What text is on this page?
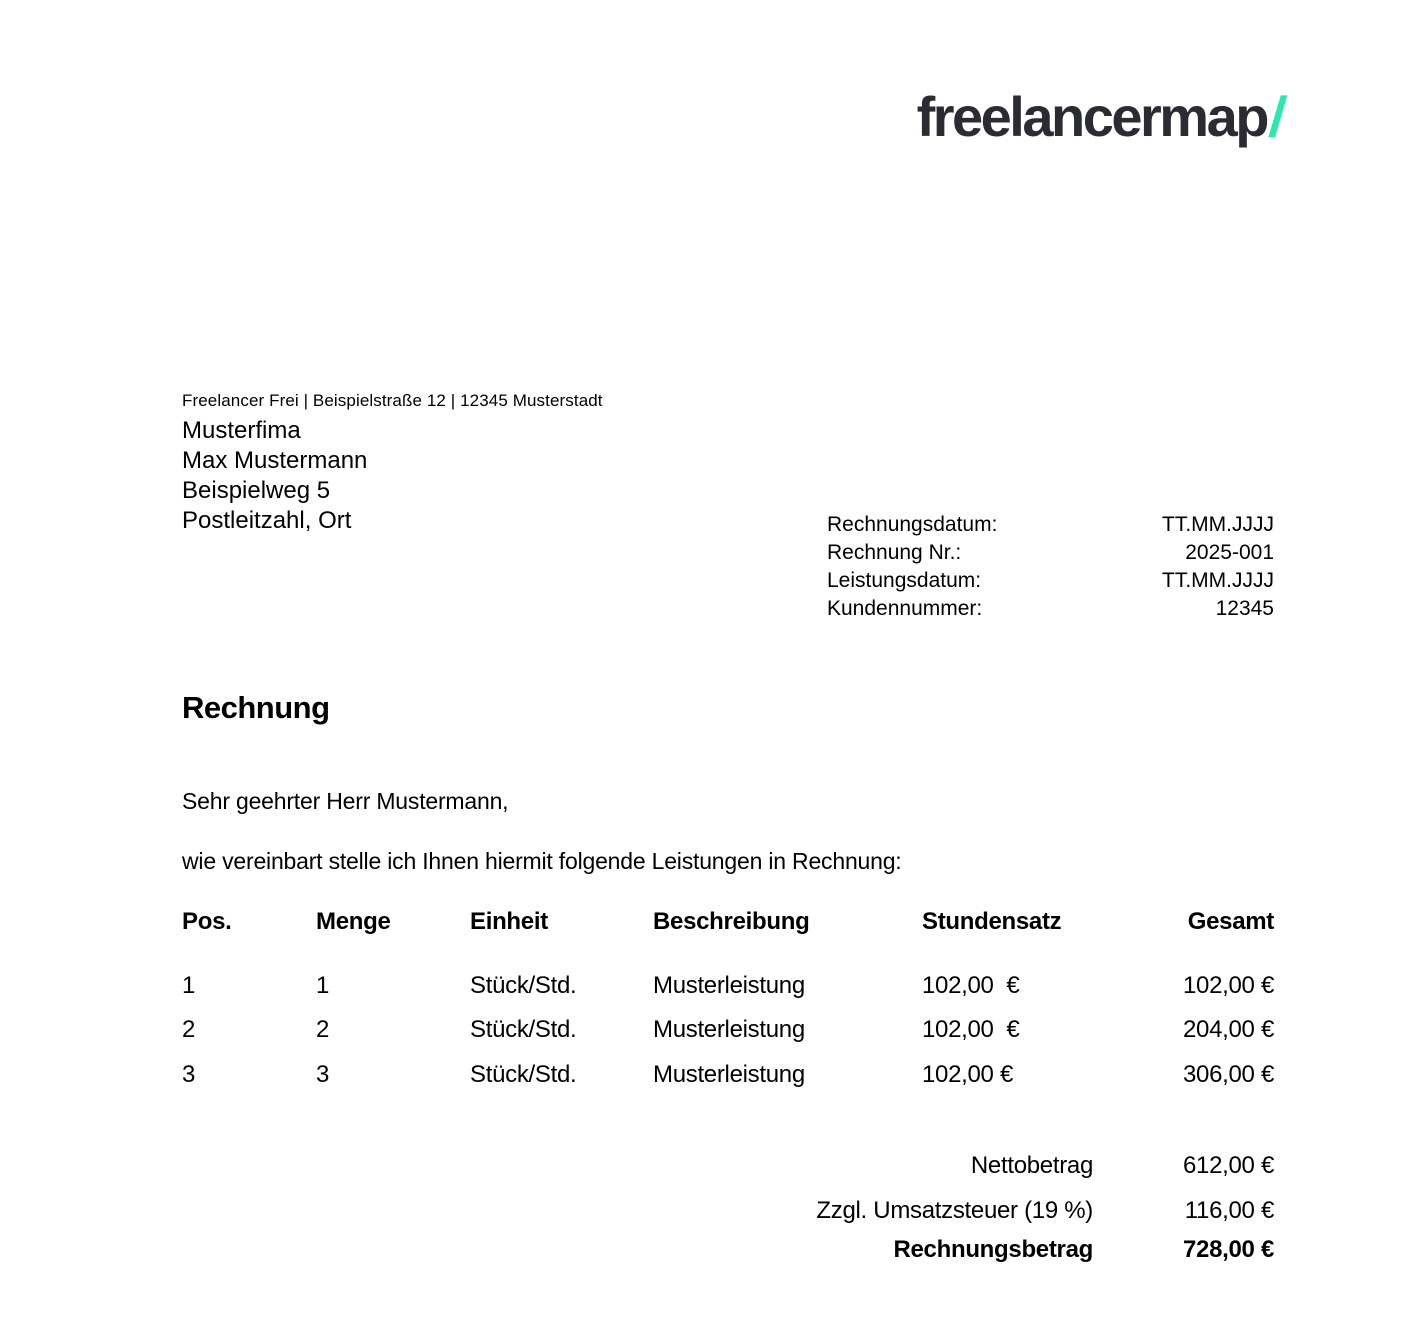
freelancermap/
Freelancer Frei | Beispielstraße 12 | 12345 Musterstadt
Musterfima
Max Mustermann
Beispielweg 5
Postleitzahl, Ort	Rechnungsdatum:	TT.MM.JJJJ
Rechnung Nr.:	2025-001
Leistungsdatum:	TT.MM.JJJJ
Kundennummer:	12345
Rechnung
Sehr geehrter Herr Mustermann,
wie vereinbart stelle ich Ihnen hiermit folgende Leistungen in Rechnung:
Pos.	Menge	Einheit	Beschreibung	Stundensatz	Gesamt
1	1	Stück/Std.	Musterleistung	102,00  €	102,00 €
2	2	Stück/Std.	Musterleistung	102,00  €	204,00 €
3	3	Stück/Std.	Musterleistung	102,00 €	306,00 €
Nettobetrag	612,00 €
Zzgl. Umsatzsteuer (19 %)	116,00 €
Rechnungsbetrag	728,00 €
